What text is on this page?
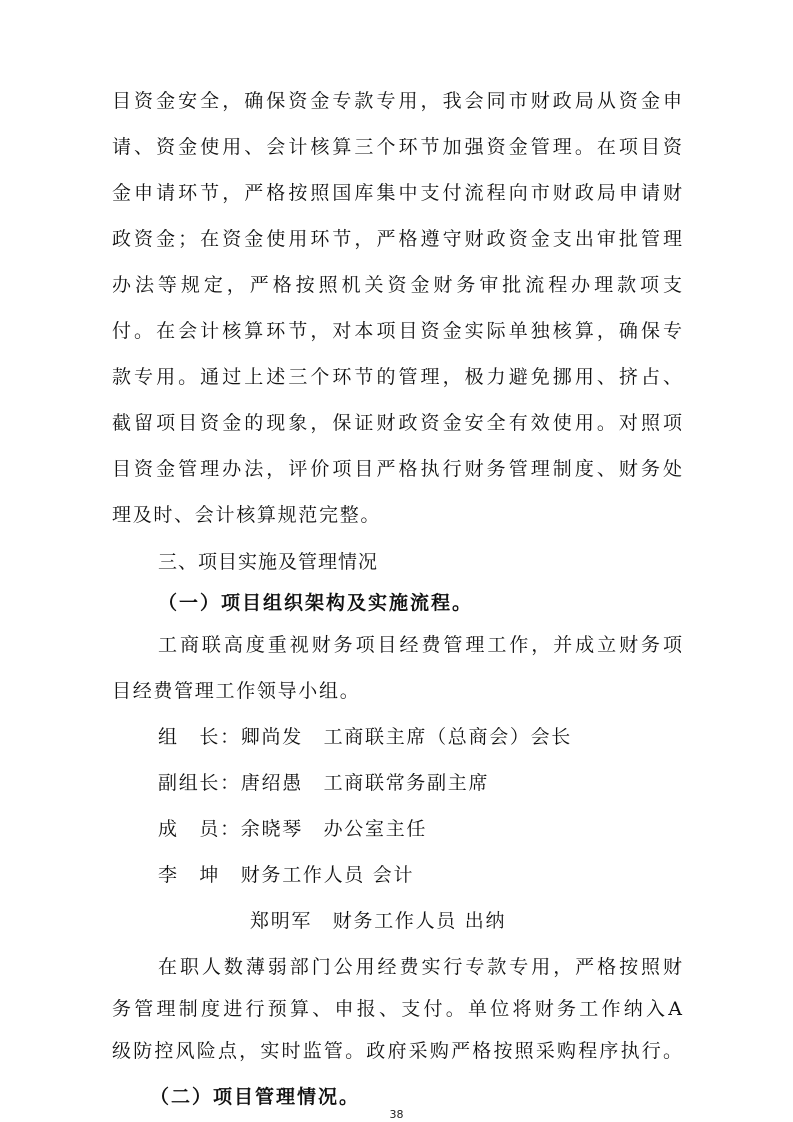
目资金安全，确保资金专款专用，我会同市财政局从资金申
请、资金使用、会计核算三个环节加强资金管理。在项目资
金申请环节，严格按照国库集中支付流程向市财政局申请财
政资金；在资金使用环节，严格遵守财政资金支出审批管理
办法等规定，严格按照机关资金财务审批流程办理款项支
付。在会计核算环节，对本项目资金实际单独核算，确保专
款专用。通过上述三个环节的管理，极力避免挪用、挤占、
截留项目资金的现象，保证财政资金安全有效使用。对照项
目资金管理办法，评价项目严格执行财务管理制度、财务处
理及时、会计核算规范完整。
三、项目实施及管理情况
（一）项目组织架构及实施流程。
工商联高度重视财务项目经费管理工作，并成立财务项
目经费管理工作领导小组。
组　长：卿尚发　工商联主席（总商会）会长
副组长：唐绍愚　工商联常务副主席
成　员：余晓琴　办公室主任
李　坤　财务工作人员 会计
38
郑明军　财务工作人员 出纳
在职人数薄弱部门公用经费实行专款专用，严格按照财
务管理制度进行预算、申报、支付。单位将财务工作纳入A
级防控风险点，实时监管。政府采购严格按照采购程序执行。
（二）项目管理情况。
